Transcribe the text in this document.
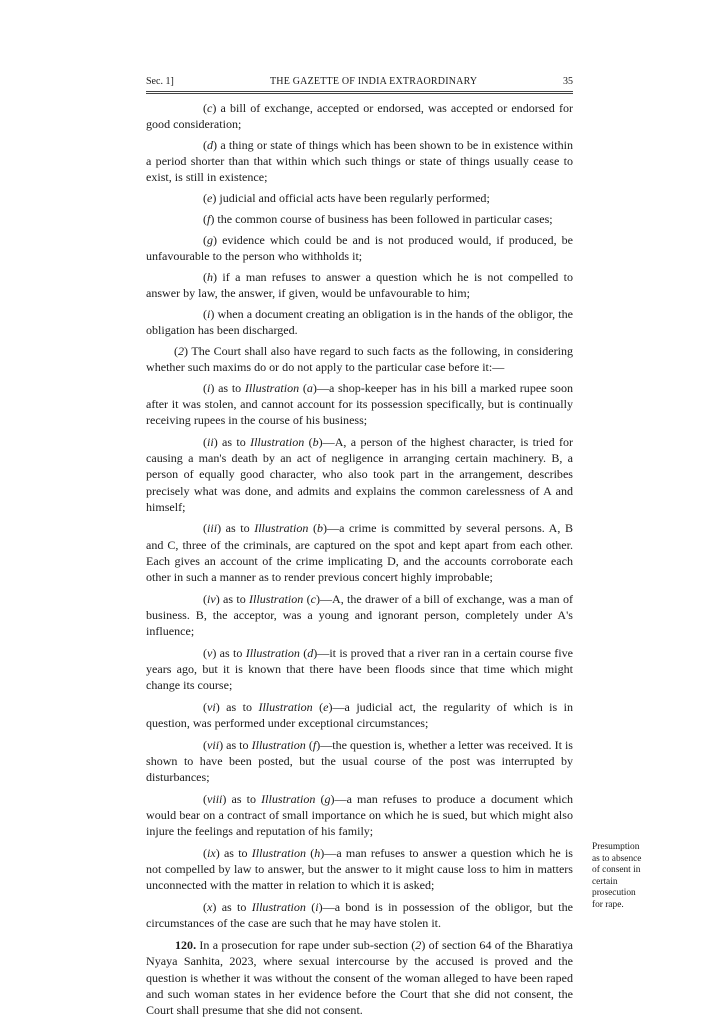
Sec. 1]	THE GAZETTE OF INDIA EXTRAORDINARY	35

(c) a bill of exchange, accepted or endorsed, was accepted or endorsed for good consideration;

(d) a thing or state of things which has been shown to be in existence within a period shorter than that within which such things or state of things usually cease to exist, is still in existence;

(e) judicial and official acts have been regularly performed;

(f) the common course of business has been followed in particular cases;

(g) evidence which could be and is not produced would, if produced, be unfavourable to the person who withholds it;

(h) if a man refuses to answer a question which he is not compelled to answer by law, the answer, if given, would be unfavourable to him;

(i) when a document creating an obligation is in the hands of the obligor, the obligation has been discharged.

(2) The Court shall also have regard to such facts as the following, in considering whether such maxims do or do not apply to the particular case before it:—

(i) as to Illustration (a)—a shop-keeper has in his bill a marked rupee soon after it was stolen, and cannot account for its possession specifically, but is continually receiving rupees in the course of his business;

(ii) as to Illustration (b)—A, a person of the highest character, is tried for causing a man's death by an act of negligence in arranging certain machinery. B, a person of equally good character, who also took part in the arrangement, describes precisely what was done, and admits and explains the common carelessness of A and himself;

(iii) as to Illustration (b)—a crime is committed by several persons. A, B and C, three of the criminals, are captured on the spot and kept apart from each other. Each gives an account of the crime implicating D, and the accounts corroborate each other in such a manner as to render previous concert highly improbable;

(iv) as to Illustration (c)—A, the drawer of a bill of exchange, was a man of business. B, the acceptor, was a young and ignorant person, completely under A's influence;

(v) as to Illustration (d)—it is proved that a river ran in a certain course five years ago, but it is known that there have been floods since that time which might change its course;

(vi) as to Illustration (e)—a judicial act, the regularity of which is in question, was performed under exceptional circumstances;

(vii) as to Illustration (f)—the question is, whether a letter was received. It is shown to have been posted, but the usual course of the post was interrupted by disturbances;

(viii) as to Illustration (g)—a man refuses to produce a document which would bear on a contract of small importance on which he is sued, but which might also injure the feelings and reputation of his family;

(ix) as to Illustration (h)—a man refuses to answer a question which he is not compelled by law to answer, but the answer to it might cause loss to him in matters unconnected with the matter in relation to which it is asked;

(x) as to Illustration (i)—a bond is in possession of the obligor, but the circumstances of the case are such that he may have stolen it.

120. In a prosecution for rape under sub-section (2) of section 64 of the Bharatiya Nyaya Sanhita, 2023, where sexual intercourse by the accused is proved and the question is whether it was without the consent of the woman alleged to have been raped and such woman states in her evidence before the Court that she did not consent, the Court shall presume that she did not consent.

Presumption
as to absence
of consent in
certain
prosecution
for rape.
